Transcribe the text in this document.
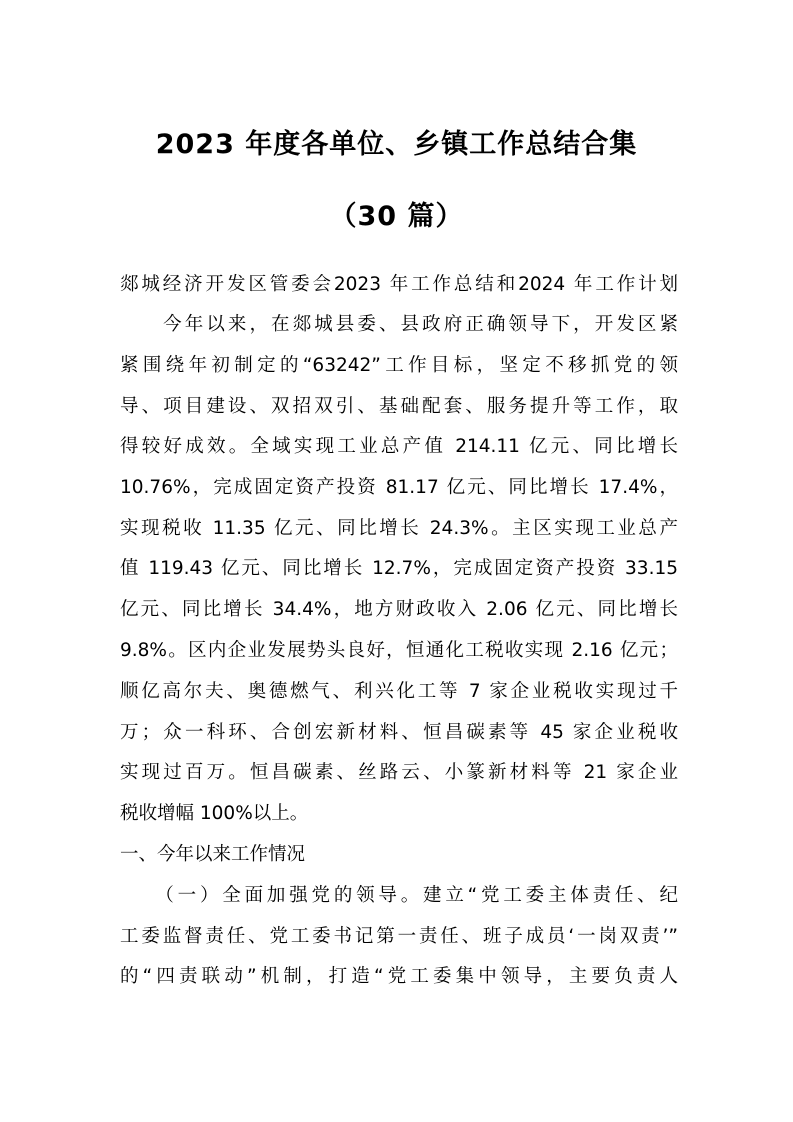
2023 年度各单位、乡镇工作总结合集
（30 篇）
郯城经济开发区管委会2023 年工作总结和2024 年工作计划
　　今年以来，在郯城县委、县政府正确领导下，开发区紧
紧围绕年初制定的“63242”工作目标，坚定不移抓党的领
导、项目建设、双招双引、基础配套、服务提升等工作，取
得较好成效。全域实现工业总产值 214.11 亿元、同比增长
10.76%，完成固定资产投资 81.17 亿元、同比增长 17.4%，
实现税收 11.35 亿元、同比增长 24.3%。主区实现工业总产
值 119.43 亿元、同比增长 12.7%，完成固定资产投资 33.15
亿元、同比增长 34.4%，地方财政收入 2.06 亿元、同比增长
9.8%。区内企业发展势头良好，恒通化工税收实现 2.16 亿元；
顺亿高尔夫、奥德燃气、利兴化工等 7 家企业税收实现过千
万；众一科环、合创宏新材料、恒昌碳素等 45 家企业税收
实现过百万。恒昌碳素、丝路云、小篆新材料等 21 家企业
税收增幅 100%以上。
一、今年以来工作情况
　　（一）全面加强党的领导。建立“党工委主体责任、纪
工委监督责任、党工委书记第一责任、班子成员‘一岗双责’”
的“四责联动”机制，打造“党工委集中领导，主要负责人
